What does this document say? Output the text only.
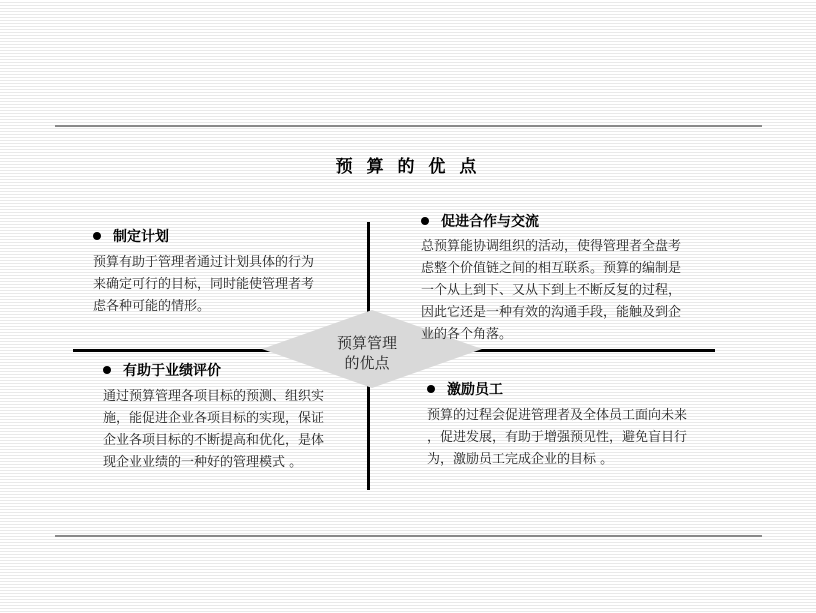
预 算 的 优 点
预算管理
的优点
制定计划
预算有助于管理者通过计划具体的行为
来确定可行的目标，同时能使管理者考
虑各种可能的情形。
促进合作与交流
总预算能协调组织的活动，使得管理者全盘考
虑整个价值链之间的相互联系。预算的编制是
一个从上到下、又从下到上不断反复的过程，
因此它还是一种有效的沟通手段，能触及到企
业的各个角落。
有助于业绩评价
通过预算管理各项目标的预测、组织实
施，能促进企业各项目标的实现，保证
企业各项目标的不断提高和优化，是体
现企业业绩的一种好的管理模式 。
激励员工
预算的过程会促进管理者及全体员工面向未来
，促进发展，有助于增强预见性，避免盲目行
为，激励员工完成企业的目标 。
